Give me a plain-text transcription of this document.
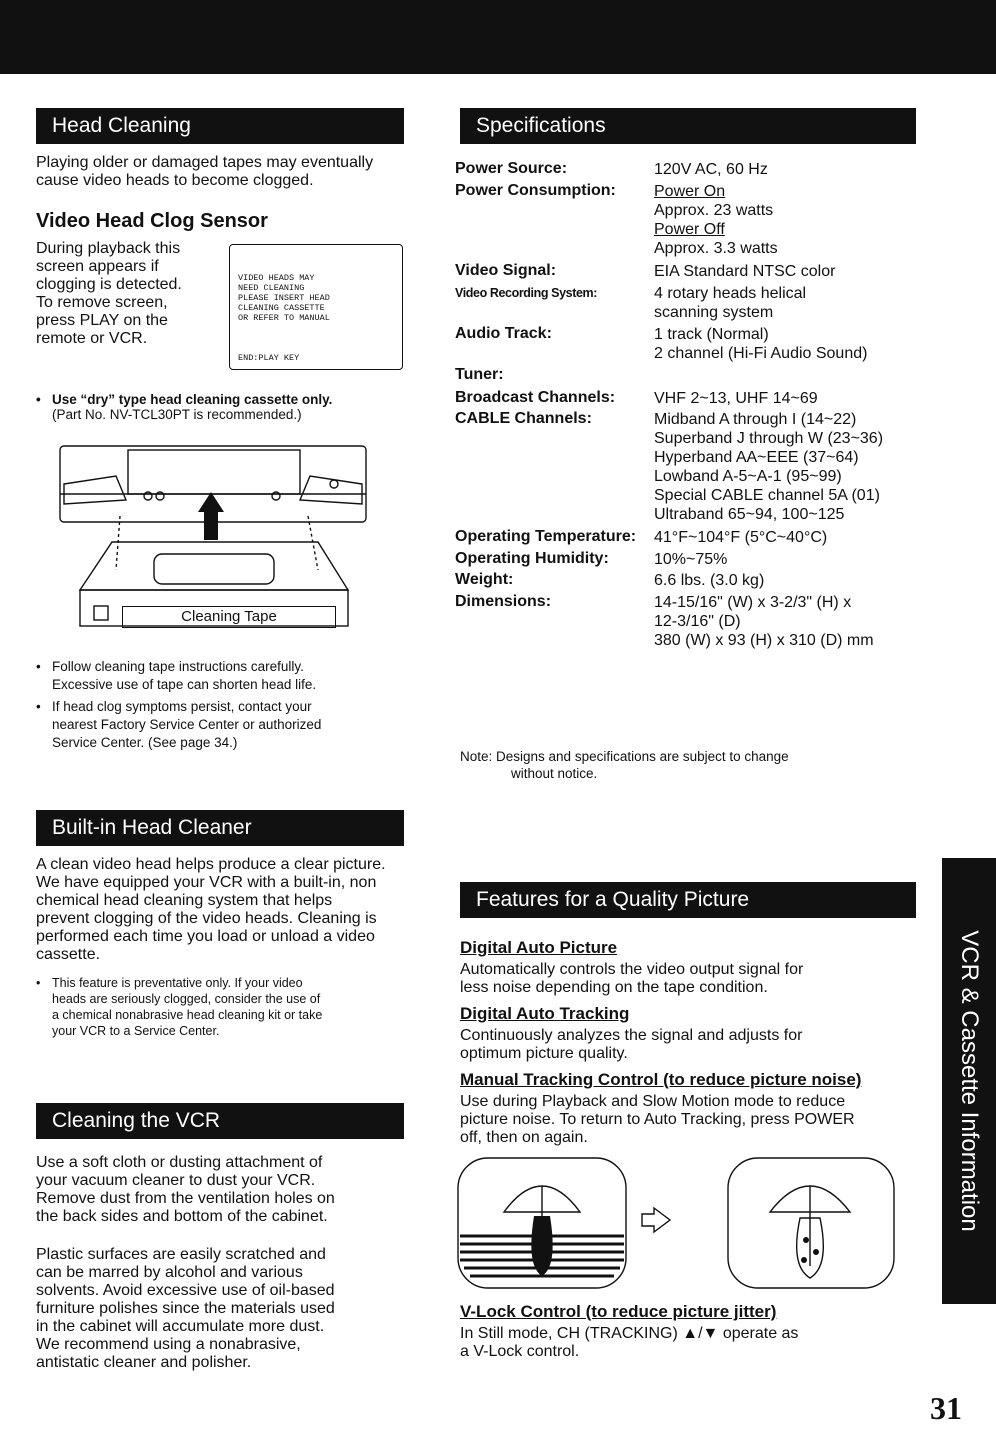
Head Cleaning
Playing older or damaged tapes may eventually
cause video heads to become clogged.
Video Head Clog Sensor
During playback this
screen appears if
clogging is detected.
To remove screen,
press PLAY on the
remote or VCR.
VIDEO HEADS MAY
NEED CLEANING
PLEASE INSERT HEAD
CLEANING CASSETTE
OR REFER TO MANUAL
END:PLAY KEY
• Use “dry” type head cleaning cassette only.
(Part No. NV-TCL30PT is recommended.)
Cleaning Tape
• Follow cleaning tape instructions carefully.
Excessive use of tape can shorten head life.
• If head clog symptoms persist, contact your
nearest Factory Service Center or authorized
Service Center. (See page 34.)
Built-in Head Cleaner
A clean video head helps produce a clear picture.
We have equipped your VCR with a built-in, non
chemical head cleaning system that helps
prevent clogging of the video heads. Cleaning is
performed each time you load or unload a video
cassette.
• This feature is preventative only. If your video
heads are seriously clogged, consider the use of
a chemical nonabrasive head cleaning kit or take
your VCR to a Service Center.
Cleaning the VCR
Use a soft cloth or dusting attachment of
your vacuum cleaner to dust your VCR.
Remove dust from the ventilation holes on
the back sides and bottom of the cabinet.
Plastic surfaces are easily scratched and
can be marred by alcohol and various
solvents. Avoid excessive use of oil-based
furniture polishes since the materials used
in the cabinet will accumulate more dust.
We recommend using a nonabrasive,
antistatic cleaner and polisher.
Specifications
Power Source:	120V AC, 60 Hz
Power Consumption: Power On
Approx. 23 watts
Power Off
Approx. 3.3 watts
Video Signal:	EIA Standard NTSC color
Video Recording System:	4 rotary heads helical
scanning system
Audio Track:	1 track (Normal)
2 channel (Hi-Fi Audio Sound)
Tuner:
Broadcast Channels: VHF 2~13, UHF 14~69
CABLE Channels:	Midband A through I (14~22)
Superband J through W (23~36)
Hyperband AA~EEE (37~64)
Lowband A-5~A-1 (95~99)
Special CABLE channel 5A (01)
Ultraband 65~94, 100~125
Operating Temperature: 41°F~104°F (5°C~40°C)
Operating Humidity:	10%~75%
Weight:	6.6 lbs. (3.0 kg)
Dimensions:	14-15/16" (W) x 3-2/3" (H) x
12-3/16" (D)
380 (W) x 93 (H) x 310 (D) mm
Note: Designs and specifications are subject to change
without notice.
Features for a Quality Picture
Digital Auto Picture
Automatically controls the video output signal for
less noise depending on the tape condition.
Digital Auto Tracking
Continuously analyzes the signal and adjusts for
optimum picture quality.
Manual Tracking Control (to reduce picture noise)
Use during Playback and Slow Motion mode to reduce
picture noise. To return to Auto Tracking, press POWER
off, then on again.
V-Lock Control (to reduce picture jitter)
In Still mode, CH (TRACKING) ▲/▼ operate as
a V-Lock control.
VCR & Cassette Information
31
